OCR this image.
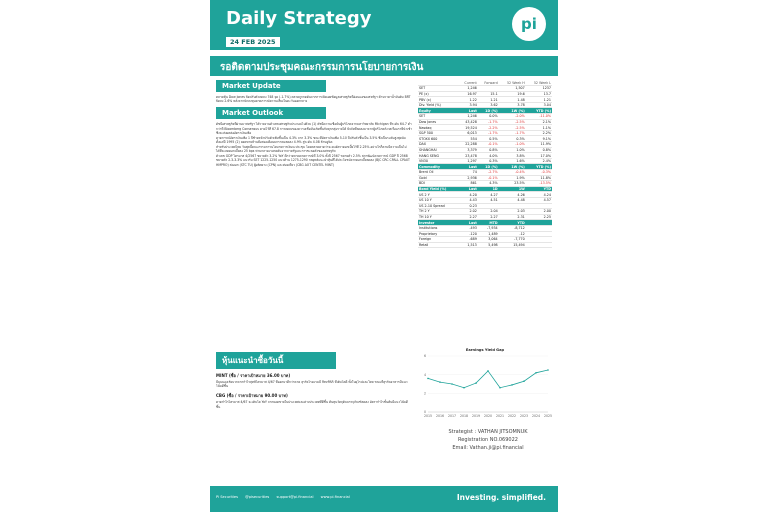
Daily Strategy
24 FEB 2025
pi
รอติดตามประชุมคณะกรรมการนโยบายการเงิน
Market Update

ตลาดหุ้น Dow Jones ปิดปรับตัวลดลง 748 จุด (-1.7%) ตลาดถูกกดดันจากการเปิดเผยข้อมูลเศรษฐกิจที่อ่อนแอของสหรัฐฯ ด้านราคาน้ำมันดิบ BRT ปิดลง 2.6% หลังจากนักลงทุนคาดการณ์ความเสี่ยงในตะวันออกกลาง

Market Outlook

ดัชนีเศรษฐกิจที่ผ่านมาสหรัฐฯ ได้รายงานตัวเลขเศรษฐกิจประกอบไปด้วย (1) ดัชนีความเชื่อมั่นผู้บริโภคจากมหาวิทยาลัย Michigan ที่ระดับ 64.7 ต่ำกว่าที่ Bloomberg Consensus คาดไว้ที่ 67.8 การลดลงของความเชื่อมั่นเกิดขึ้นกับทุกกลุ่มรายได้ ปัจจัยที่ลดลงมาจากผู้บริโภคกังวลเรื่องภาษีนำเข้าซึ่งจะส่งผลต่ออัตราเงินเฟ้อ

คาดการณ์อัตราเงินเฟ้อ 1 ปีข้างหน้าปรับตัวเพิ่มขึ้นเป็น 4.3% จาก 3.3% ขณะที่อัตราเงินเฟ้อ 5-10 ปีปรับตัวขึ้นเป็น 3.5% ซึ่งเป็นระดับสูงสุดนับตั้งแต่ปี 1995 (2) ยอดขายบ้านมือสองเดือนมกราคมลดลง 4.9% สู่ระดับ 4.08 ล้านยูนิต

สำหรับประเทศไทย วันพุธนี้คณะกรรมการนโยบายการเงินจะประชุม โดยตลาดคาดว่าจะคงอัตราดอกเบี้ยไว้ที่ 2.25% อย่างไรก็ตามมีความเป็นไปได้ที่จะลดดอกเบี้ยลง 25 bps ท่ามกลางแรงกดดันจากภาครัฐและการชะลอตัวของเศรษฐกิจ

ตัวเลข GDP ไตรมาส 4/2567 ขยายตัว 3.2% YoY ดีกว่าตลาดคาดการณ์ที่ 3.0% ทั้งปี 2567 ขยายตัว 2.5% สภาพัฒน์คาดการณ์ GDP ปี 2568 ขยายตัว 2.3-3.3% แนวรับ SET 1225-1250 แนวต้าน 1275-1290 กลยุทธ์แนะนำหุ้นที่ได้ประโยชน์จากดอกเบี้ยลดลง (BJC CRC CPALL CPAXT HMPRO) ส่งออก (STC TU) ผู้ผลิตยาง (CPN) และท่องเที่ยว (CBG AOT CENTEL MINT)

หุ้นแนะนำซื้อวันนี้
MINT (ซื้อ / ราคาเป้าหมาย 36.00 บาท)
มีมุมมองเชิงบวกจากกำไรสุทธิไตรมาส 4/67 ที่ออกมาดีกว่าคาด ธุรกิจโรงแรมมี RevPAR ที่เติบโตดี ทั้งในยุโรปและไทย ขณะที่ธุรกิจอาหารมีแนวโน้มดีขึ้น
CBG (ซื้อ / ราคาเป้าหมาย 90.00 บาท)
คาดกำไรไตรมาส 4/67 จะเติบโต YoY จากยอดขายในประเทศและต่างประเทศที่ดีขึ้น ต้นทุนวัตถุดิบบรรจุภัณฑ์ลดลง อัตรากำไรขั้นต้นมีแนวโน้มดีขึ้น
	Current	Forward	52 Week H	52 Week L
SET	1,246		1,507	1237
PE (x)	16.97	15.1	19.6	13.7
PBV (x)	1.22	1.21	1.48	1.21
Div. Yield (%)	3.94	3.62	3.78	3.04
Equity	Last	1D (%)	1W (%)	YTD (%)
SET	1,246	0.0%	-2.0%	-11.0%
Dow Jones	43,428	-1.7%	-2.5%	2.1%
Nasdaq	19,524	-2.2%	-2.5%	1.1%
S&P 500	6,013	-1.7%	-1.7%	2.2%
STOXX 600	554	0.5%	0.3%	9.1%
DAX	22,288	-0.1%	-1.0%	11.9%
SHANGHAI	3,379	0.8%	1.0%	0.8%
HANG SENG	23,478	4.0%	3.8%	17.0%
VN30	1,297	0.3%	1.6%	2.4%
Commodity	Last	1D (%)	1W (%)	YTD (%)
Brent Oil	74	-2.7%	-0.4%	-0.3%
Gold	2,936	-0.1%	1.9%	11.8%
BDI	861	4.3%	23.5%	-13.5%
Bond Yield (%)	Last	1D	1W	YTD
US 2 Y	4.20	4.27	4.26	4.24
US 10 Y	4.43	4.51	4.48	4.57
US 2-10 Spread	0.23			
TH 2 Y	2.02	2.04	2.03	2.00
TH 10 Y	2.27	2.27	2.31	2.25
Investor	Last	MTD	YTD	
Institutions	-493	-7,934	-8,712	
Proprietary	-120	1,489	-12	
Foreign	-689	3,064	-7,770	
Retail	1,513	5,498	15,494	
Earnings Yield Gap
0
2
4
6
2015 2016 2017 2018 2019 2020 2021 2022 2023 2024 2025
Strategist : VATHAN JITSOMNUK
Registration NO.069022
Email: Vathan.ji@pi.financial
Pi Securities @pisecurities support@pi.financial www.pi.financial	Investing. simplified.
